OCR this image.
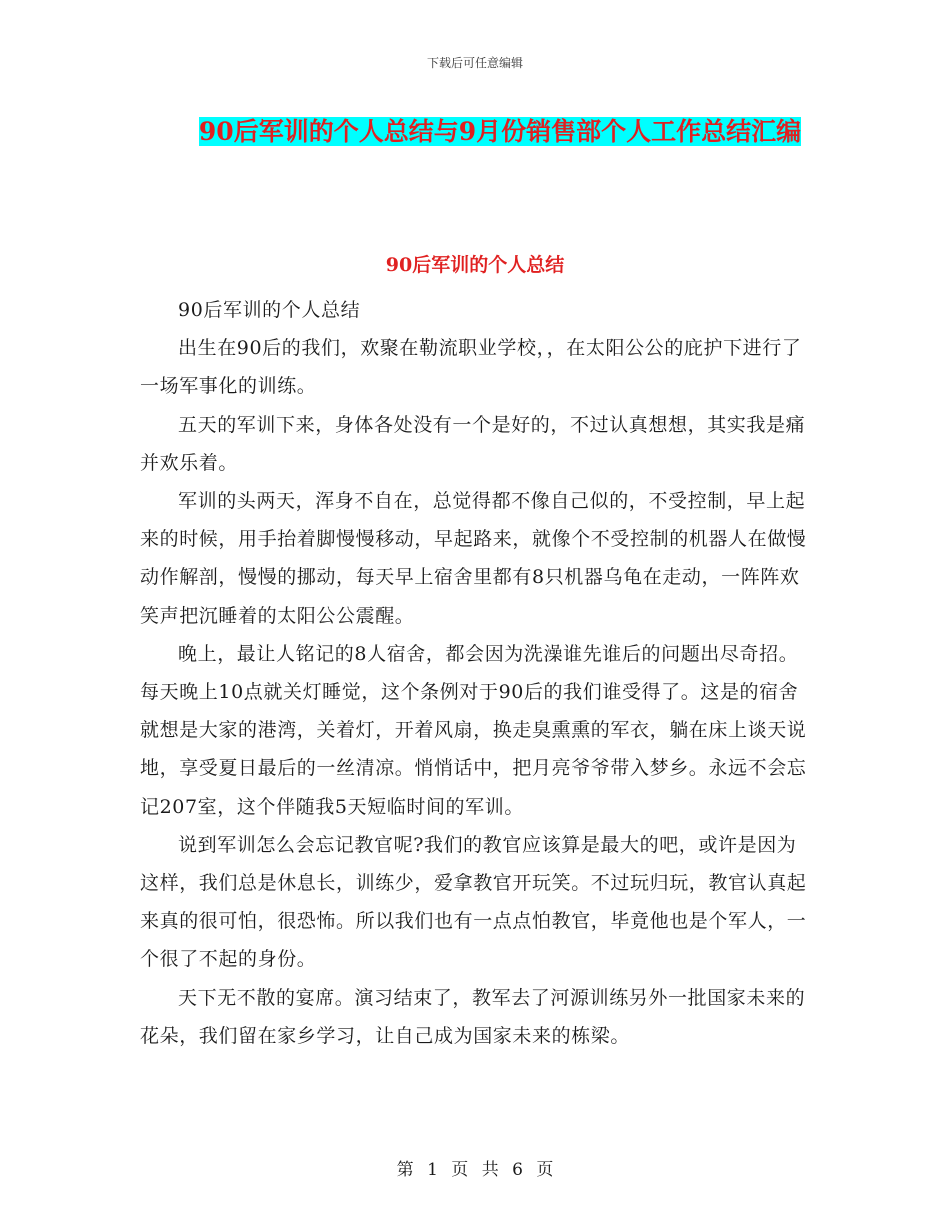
下载后可任意编辑
90后军训的个人总结与9月份销售部个人工作总结汇编
90后军训的个人总结

90后军训的个人总结

出生在90后的我们，欢聚在勒流职业学校，，在太阳公公的庇护下进行了一场军事化的训练。

五天的军训下来，身体各处没有一个是好的，不过认真想想，其实我是痛并欢乐着。

军训的头两天，浑身不自在，总觉得都不像自己似的，不受控制，早上起来的时候，用手抬着脚慢慢移动，早起路来，就像个不受控制的机器人在做慢动作解剖，慢慢的挪动，每天早上宿舍里都有8只机器乌龟在走动，一阵阵欢笑声把沉睡着的太阳公公震醒。

晚上，最让人铭记的8人宿舍，都会因为洗澡谁先谁后的问题出尽奇招。每天晚上10点就关灯睡觉，这个条例对于90后的我们谁受得了。这是的宿舍就想是大家的港湾，关着灯，开着风扇，换走臭熏熏的军衣，躺在床上谈天说地，享受夏日最后的一丝清凉。悄悄话中，把月亮爷爷带入梦乡。永远不会忘记207室，这个伴随我5天短临时间的军训。

说到军训怎么会忘记教官呢?我们的教官应该算是最大的吧，或许是因为这样，我们总是休息长，训练少，爱拿教官开玩笑。不过玩归玩，教官认真起来真的很可怕，很恐怖。所以我们也有一点点怕教官，毕竟他也是个军人，一个很了不起的身份。

天下无不散的宴席。演习结束了，教军去了河源训练另外一批国家未来的花朵，我们留在家乡学习，让自己成为国家未来的栋梁。

第 1 页 共 6 页
